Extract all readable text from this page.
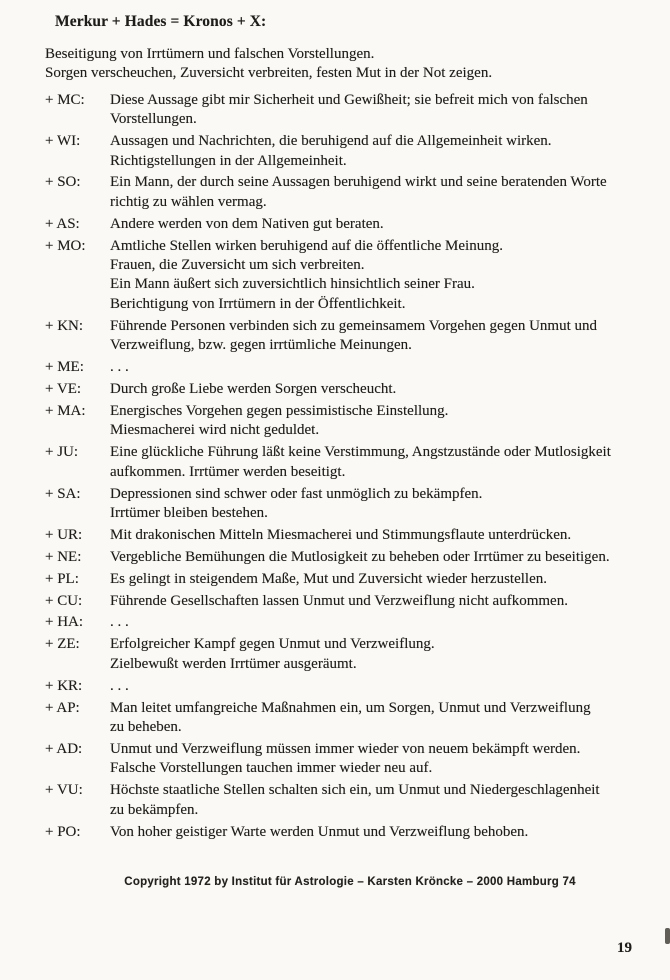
Merkur + Hades = Kronos + X:
Beseitigung von Irrtümern und falschen Vorstellungen.
Sorgen verscheuchen, Zuversicht verbreiten, festen Mut in der Not zeigen.
+ MC:	Diese Aussage gibt mir Sicherheit und Gewißheit; sie befreit mich von falschen
Vorstellungen.
+ WI:	Aussagen und Nachrichten, die beruhigend auf die Allgemeinheit wirken.
Richtigstellungen in der Allgemeinheit.
+ SO:	Ein Mann, der durch seine Aussagen beruhigend wirkt und seine beratenden Worte
richtig zu wählen vermag.
+ AS:	Andere werden von dem Nativen gut beraten.
+ MO:	Amtliche Stellen wirken beruhigend auf die öffentliche Meinung.
Frauen, die Zuversicht um sich verbreiten.
Ein Mann äußert sich zuversichtlich hinsichtlich seiner Frau.
Berichtigung von Irrtümern in der Öffentlichkeit.
+ KN:	Führende Personen verbinden sich zu gemeinsamem Vorgehen gegen Unmut und
Verzweiflung, bzw. gegen irrtümliche Meinungen.
+ ME:	. . .
+ VE:	Durch große Liebe werden Sorgen verscheucht.
+ MA:	Energisches Vorgehen gegen pessimistische Einstellung.
Miesmacherei wird nicht geduldet.
+ JU:	Eine glückliche Führung läßt keine Verstimmung, Angstzustände oder Mutlosigkeit
aufkommen. Irrtümer werden beseitigt.
+ SA:	Depressionen sind schwer oder fast unmöglich zu bekämpfen.
Irrtümer bleiben bestehen.
+ UR:	Mit drakonischen Mitteln Miesmacherei und Stimmungsflaute unterdrücken.
+ NE:	Vergebliche Bemühungen die Mutlosigkeit zu beheben oder Irrtümer zu beseitigen.
+ PL:	Es gelingt in steigendem Maße, Mut und Zuversicht wieder herzustellen.
+ CU:	Führende Gesellschaften lassen Unmut und Verzweiflung nicht aufkommen.
+ HA:	. . .
+ ZE:	Erfolgreicher Kampf gegen Unmut und Verzweiflung.
Zielbewußt werden Irrtümer ausgeräumt.
+ KR:	. . .
+ AP:	Man leitet umfangreiche Maßnahmen ein, um Sorgen, Unmut und Verzweiflung
zu beheben.
+ AD:	Unmut und Verzweiflung müssen immer wieder von neuem bekämpft werden.
Falsche Vorstellungen tauchen immer wieder neu auf.
+ VU:	Höchste staatliche Stellen schalten sich ein, um Unmut und Niedergeschlagenheit
zu bekämpfen.
+ PO:	Von hoher geistiger Warte werden Unmut und Verzweiflung behoben.
Copyright 1972 by Institut für Astrologie – Karsten Kröncke – 2000 Hamburg 74
19
